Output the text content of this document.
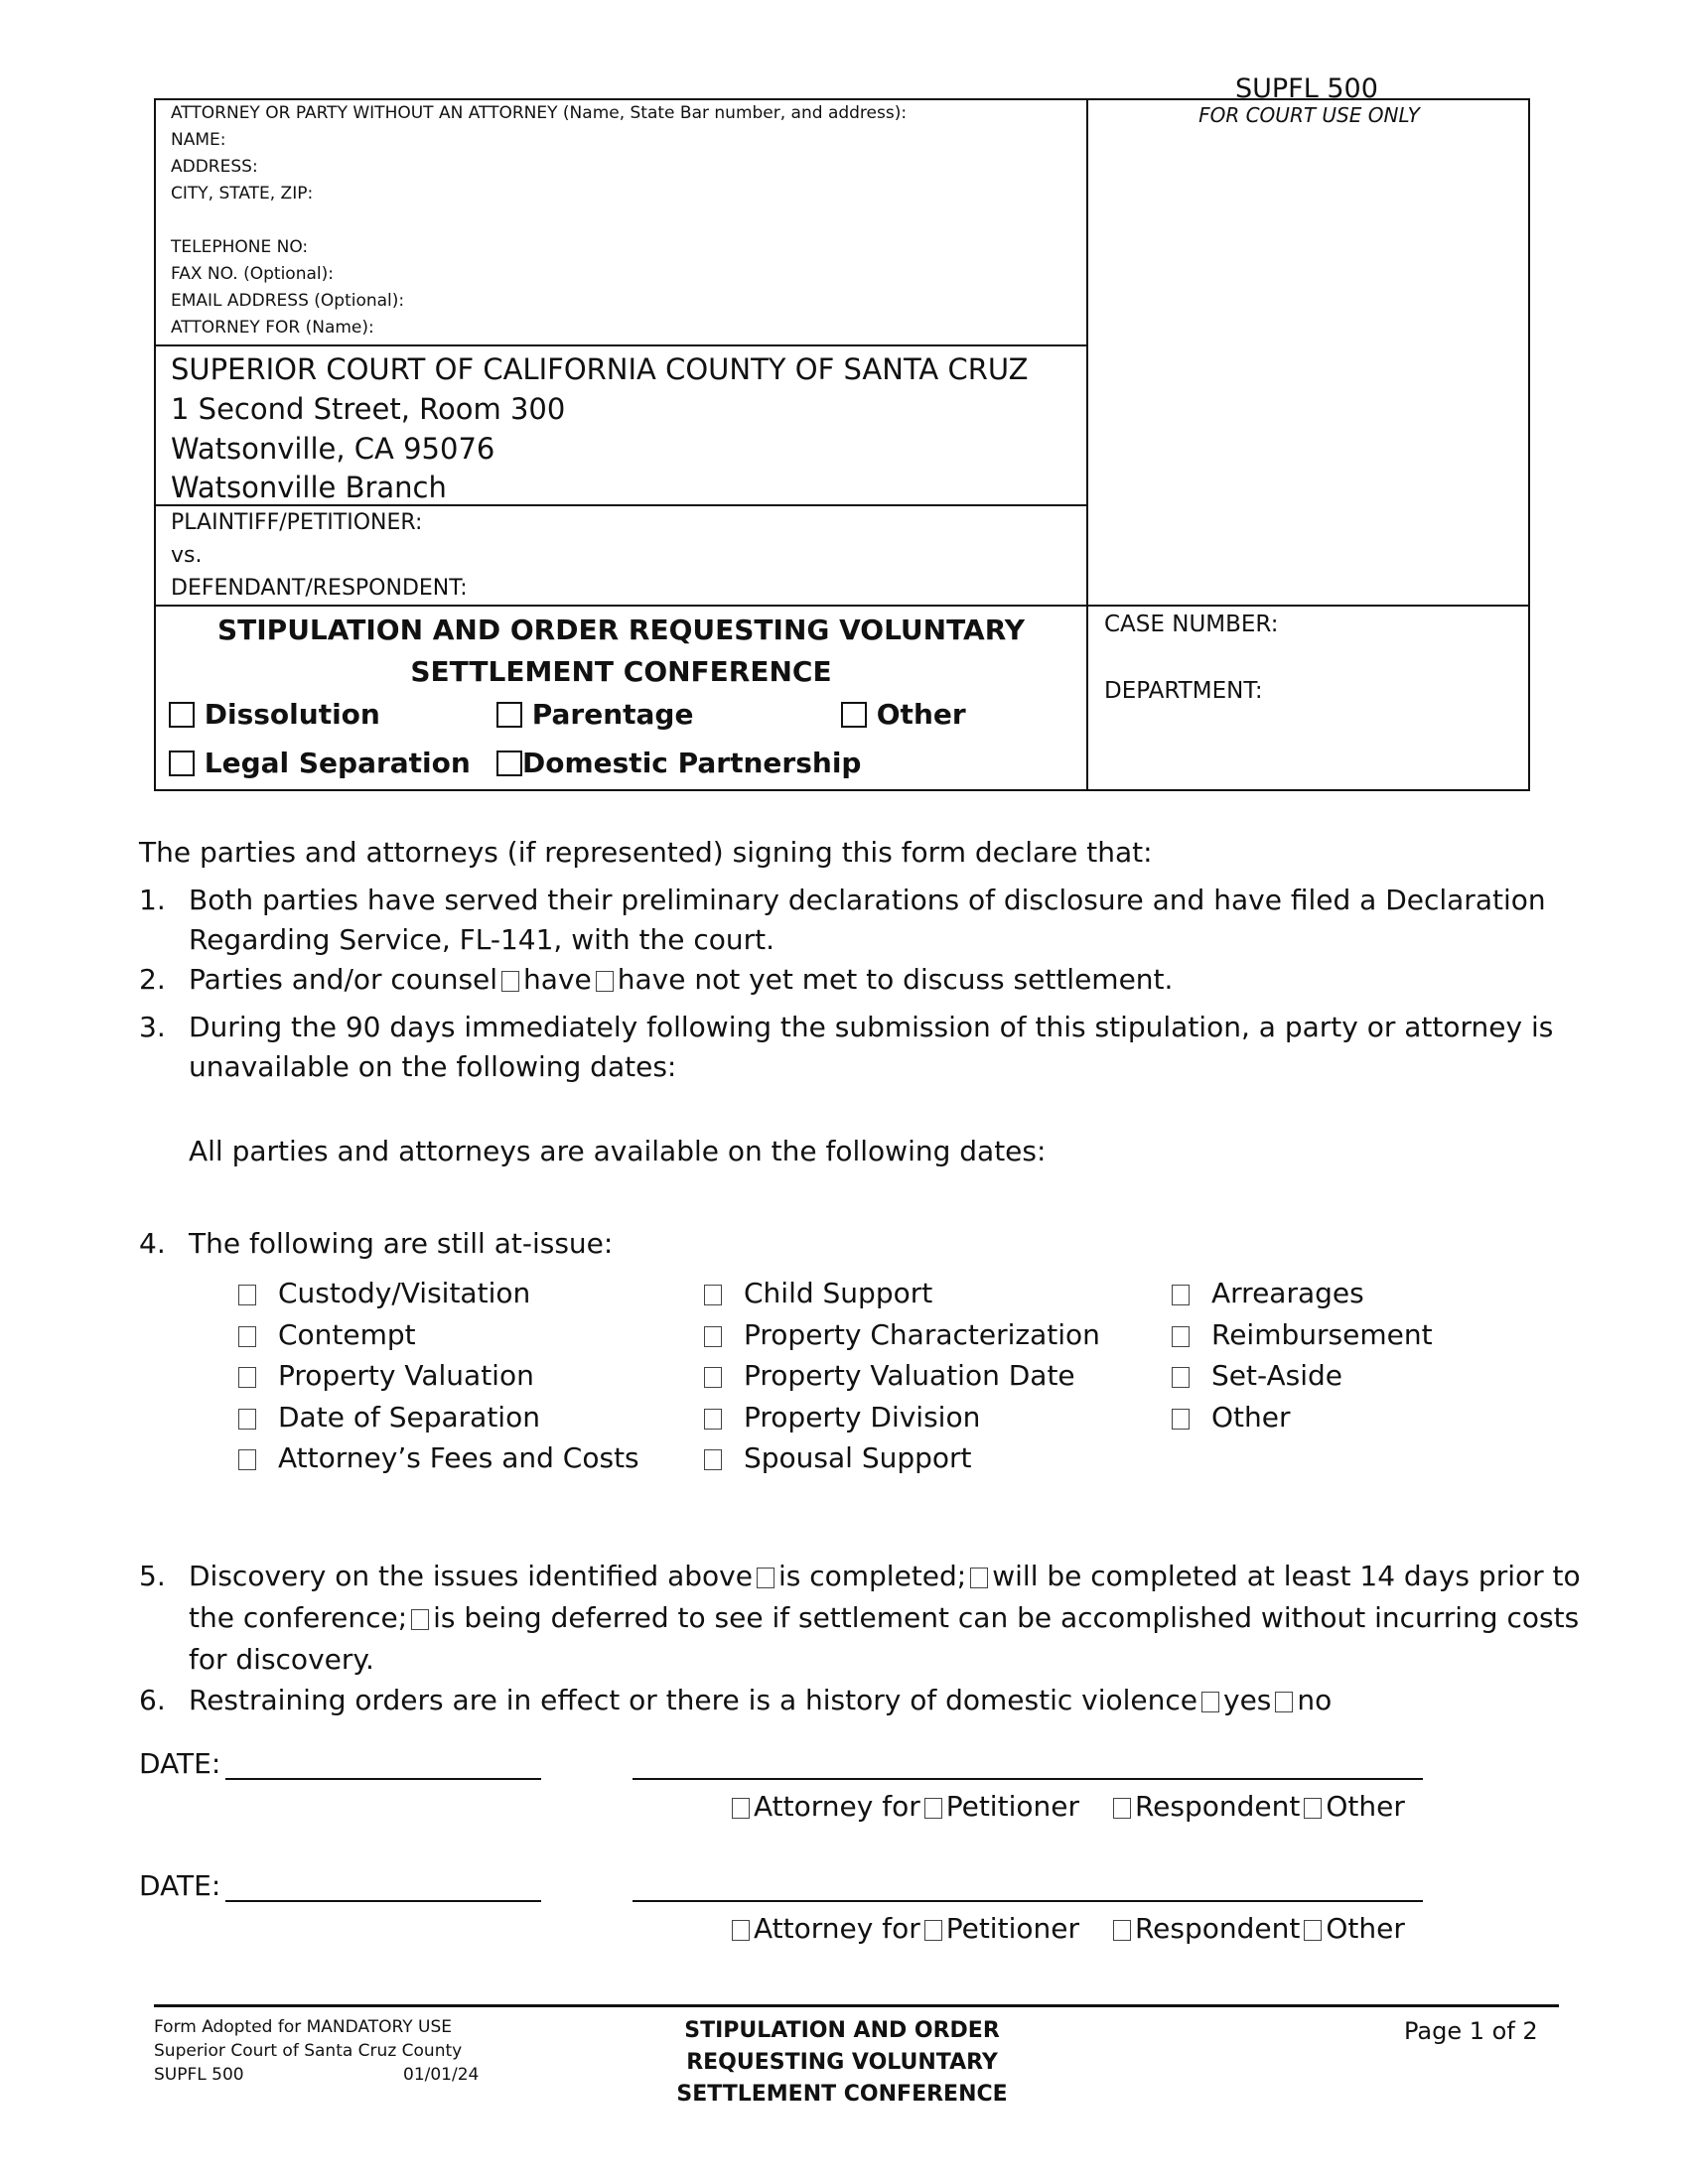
SUPFL 500
ATTORNEY OR PARTY WITHOUT AN ATTORNEY (Name, State Bar number, and address):
NAME:
ADDRESS:
CITY, STATE, ZIP:
TELEPHONE NO:
FAX NO. (Optional):
EMAIL ADDRESS (Optional):
ATTORNEY FOR (Name):
FOR COURT USE ONLY
SUPERIOR COURT OF CALIFORNIA COUNTY OF SANTA CRUZ
1 Second Street, Room 300
Watsonville, CA 95076
Watsonville Branch
PLAINTIFF/PETITIONER:
vs.
DEFENDANT/RESPONDENT:
STIPULATION AND ORDER REQUESTING VOLUNTARY
SETTLEMENT CONFERENCE
Dissolution	Parentage	Other
Legal Separation	Domestic Partnership
CASE NUMBER:
DEPARTMENT:
The parties and attorneys (if represented) signing this form declare that:
1. Both parties have served their preliminary declarations of disclosure and have filed a Declaration
Regarding Service, FL-141, with the court.
2. Parties and/or counsel have have not yet met to discuss settlement.
3. During the 90 days immediately following the submission of this stipulation, a party or attorney is
unavailable on the following dates:
All parties and attorneys are available on the following dates:
4. The following are still at-issue:
Custody/Visitation
Contempt
Property Valuation
Date of Separation
Attorney’s Fees and Costs
Child Support
Property Characterization
Property Valuation Date
Property Division
Spousal Support
Arrearages
Reimbursement
Set-Aside
Other
5. Discovery on the issues identified above is completed; will be completed at least 14 days prior to
the conference; is being deferred to see if settlement can be accomplished without incurring costs
for discovery.
6. Restraining orders are in effect or there is a history of domestic violence yes no
DATE:
Attorney for Petitioner Respondent Other
DATE:
Attorney for Petitioner Respondent Other
Form Adopted for MANDATORY USE
Superior Court of Santa Cruz County
SUPFL 500	01/01/24
STIPULATION AND ORDER
REQUESTING VOLUNTARY
SETTLEMENT CONFERENCE
Page 1 of 2
